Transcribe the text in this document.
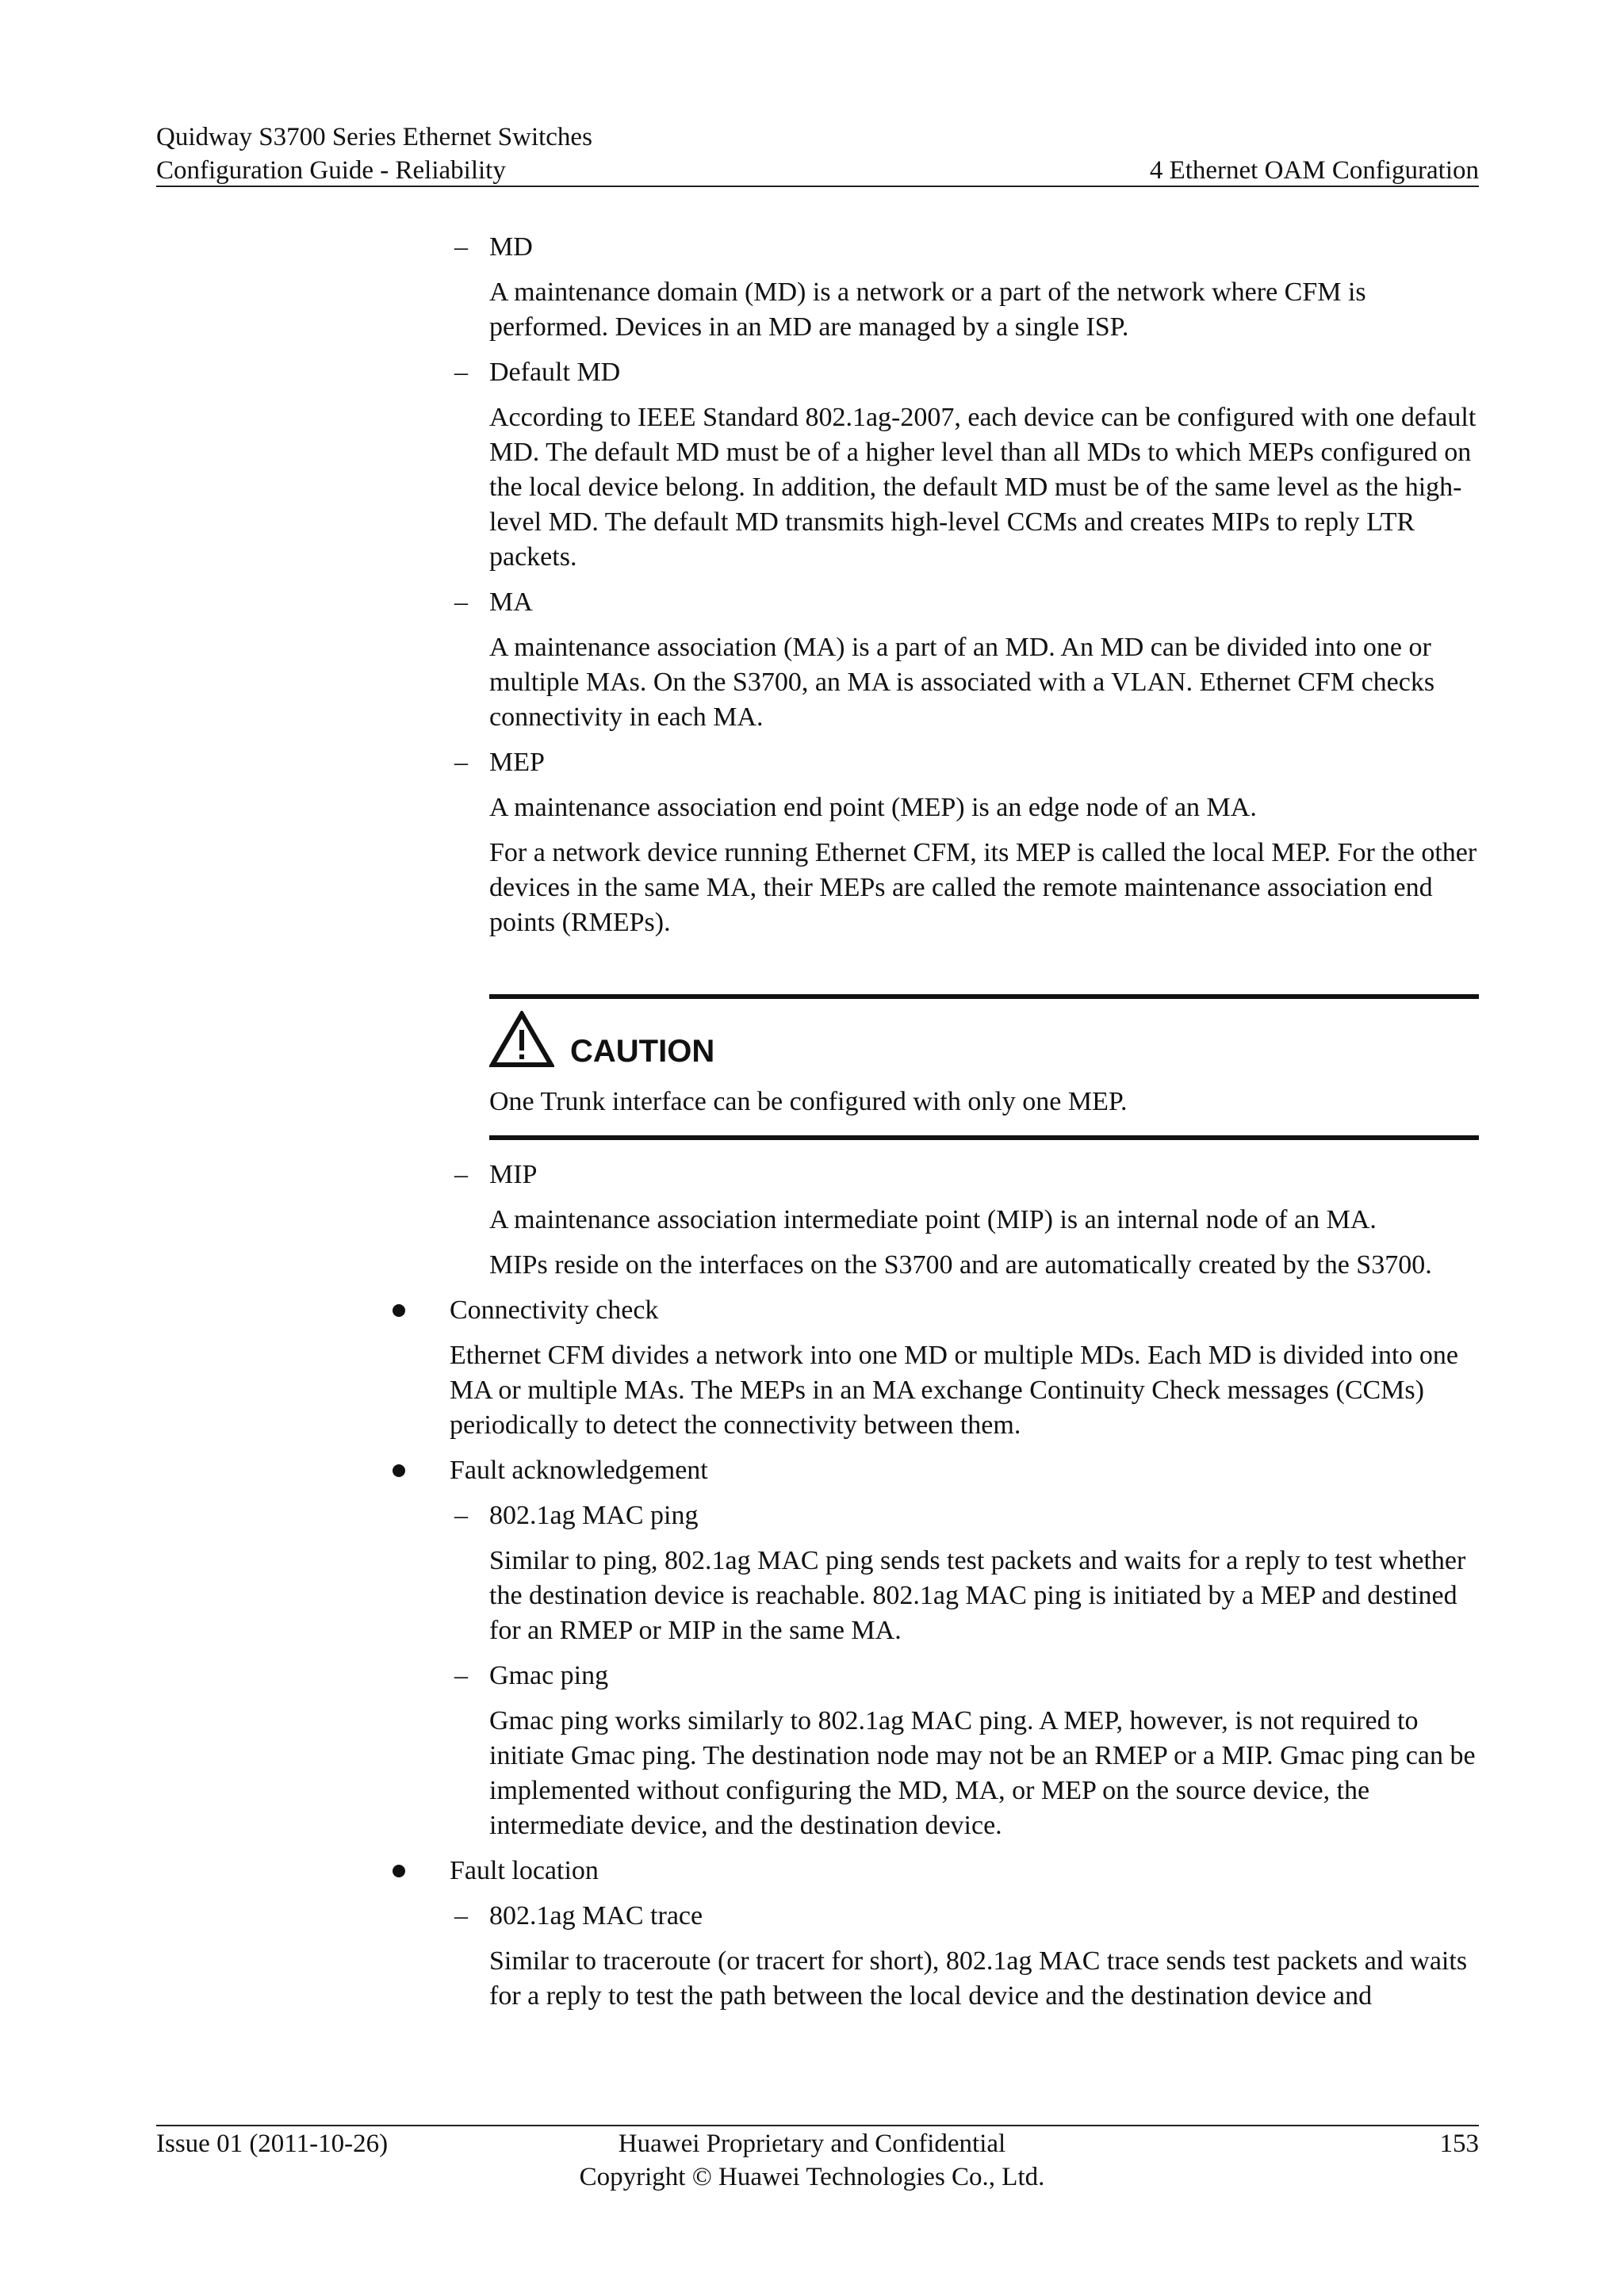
Quidway S3700 Series Ethernet Switches
Configuration Guide - Reliability	4 Ethernet OAM Configuration
– MD

A maintenance domain (MD) is a network or a part of the network where CFM is performed. Devices in an MD are managed by a single ISP.

– Default MD

According to IEEE Standard 802.1ag-2007, each device can be configured with one default MD. The default MD must be of a higher level than all MDs to which MEPs configured on the local device belong. In addition, the default MD must be of the same level as the high-level MD. The default MD transmits high-level CCMs and creates MIPs to reply LTR packets.

– MA

A maintenance association (MA) is a part of an MD. An MD can be divided into one or multiple MAs. On the S3700, an MA is associated with a VLAN. Ethernet CFM checks connectivity in each MA.

– MEP

A maintenance association end point (MEP) is an edge node of an MA.

For a network device running Ethernet CFM, its MEP is called the local MEP. For the other devices in the same MA, their MEPs are called the remote maintenance association end points (RMEPs).

CAUTION
One Trunk interface can be configured with only one MEP.
– MIP

A maintenance association intermediate point (MIP) is an internal node of an MA.

MIPs reside on the interfaces on the S3700 and are automatically created by the S3700.

Connectivity check

Ethernet CFM divides a network into one MD or multiple MDs. Each MD is divided into one MA or multiple MAs. The MEPs in an MA exchange Continuity Check messages (CCMs) periodically to detect the connectivity between them.

Fault acknowledgement
– 802.1ag MAC ping

Similar to ping, 802.1ag MAC ping sends test packets and waits for a reply to test whether the destination device is reachable. 802.1ag MAC ping is initiated by a MEP and destined for an RMEP or MIP in the same MA.

– Gmac ping

Gmac ping works similarly to 802.1ag MAC ping. A MEP, however, is not required to initiate Gmac ping. The destination node may not be an RMEP or a MIP. Gmac ping can be implemented without configuring the MD, MA, or MEP on the source device, the intermediate device, and the destination device.

Fault location
– 802.1ag MAC trace

Similar to traceroute (or tracert for short), 802.1ag MAC trace sends test packets and waits for a reply to test the path between the local device and the destination device and

Issue 01 (2011-10-26)	Huawei Proprietary and Confidential
Copyright © Huawei Technologies Co., Ltd.
153
